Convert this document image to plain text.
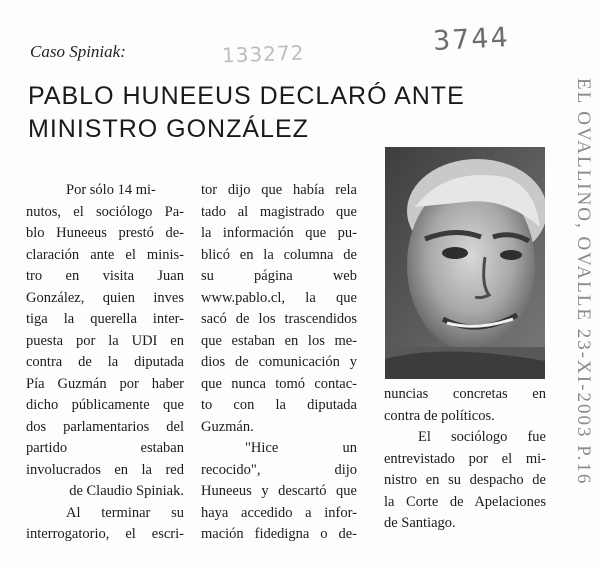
Caso Spiniak:	133272	3744
PABLO HUNEEUS DECLARÓ ANTE
MINISTRO GONZÁLEZ
Por sólo 14 mi-
nutos, el sociólogo Pa-
blo Huneeus prestó de-
claración ante el minis-
tro en visita Juan
González, quien inves
tiga la querella inter-
puesta por la UDI en
contra de la diputada
Pía Guzmán por haber
dicho públicamente que
dos parlamentarios del
partido estaban
involucrados en la red
de Claudio Spiniak.
Al terminar su
interrogatorio, el escri-
tor dijo que había rela
tado al magistrado que
la información que pu-
blicó en la columna de
su página web
www.pablo.cl, la que
sacó de los trascendidos
que estaban en los me-
dios de comunicación y
que nunca tomó contac-
to con la diputada
Guzmán.
"Hice un
recocido", dijo
Huneeus y descartó que
haya accedido a infor-
mación fidedigna o de-
nuncias concretas en
contra de políticos.
El sociólogo fue
entrevistado por el mi-
nistro en su despacho de
la Corte de Apelaciones
de Santiago.
EL OVALLINO, OVALLE 23-XI-2003 P.16
